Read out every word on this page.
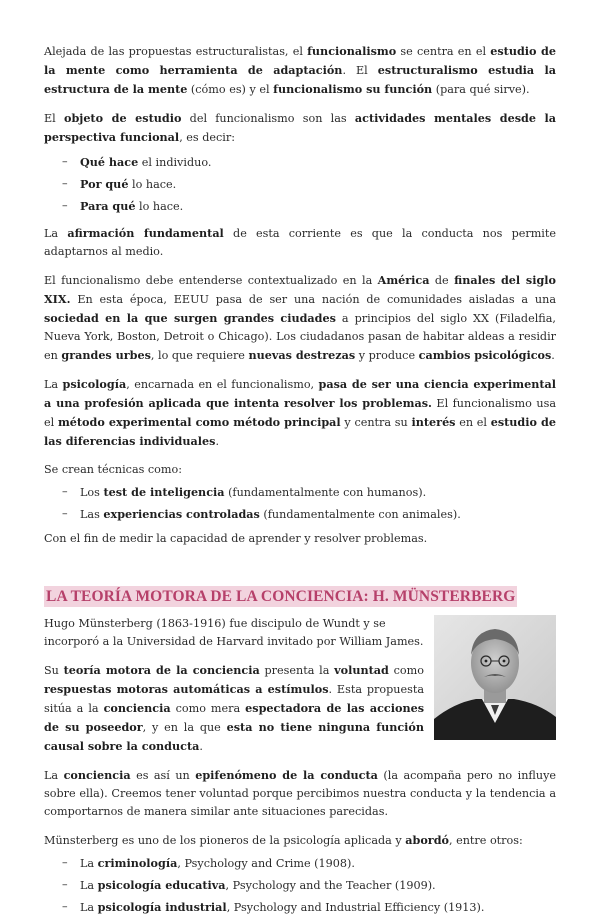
Alejada de las propuestas estructuralistas, el funcionalismo se centra en el estudio de la mente como herramienta de adaptación. El estructuralismo estudia la estructura de la mente (cómo es) y el funcionalismo su función (para qué sirve).

El objeto de estudio del funcionalismo son las actividades mentales desde la perspectiva funcional, es decir:

– Qué hace el individuo.
– Por qué lo hace.
– Para qué lo hace.

La afirmación fundamental de esta corriente es que la conducta nos permite adaptarnos al medio.

El funcionalismo debe entenderse contextualizado en la América de finales del siglo XIX. En esta época, EEUU pasa de ser una nación de comunidades aisladas a una sociedad en la que surgen grandes ciudades a principios del siglo XX (Filadelfia, Nueva York, Boston, Detroit o Chicago). Los ciudadanos pasan de habitar aldeas a residir en grandes urbes, lo que requiere nuevas destrezas y produce cambios psicológicos.

La psicología, encarnada en el funcionalismo, pasa de ser una ciencia experimental a una profesión aplicada que intenta resolver los problemas. El funcionalismo usa el método experimental como método principal y centra su interés en el estudio de las diferencias individuales.

Se crean técnicas como:

– Los test de inteligencia (fundamentalmente con humanos).
– Las experiencias controladas (fundamentalmente con animales).

Con el fin de medir la capacidad de aprender y resolver problemas.

LA TEORÍA MOTORA DE LA CONCIENCIA: H. MÜNSTERBERG

Hugo Münsterberg (1863-1916) fue discipulo de Wundt y se incorporó a la Universidad de Harvard invitado por William James.

Su teoría motora de la conciencia presenta la voluntad como respuestas motoras automáticas a estímulos. Esta propuesta sitúa a la conciencia como mera espectadora de las acciones de su poseedor, y en la que esta no tiene ninguna función causal sobre la conducta.

La conciencia es así un epifenómeno de la conducta (la acompaña pero no influye sobre ella). Creemos tener voluntad porque percibimos nuestra conducta y la tendencia a comportarnos de manera similar ante situaciones parecidas.

Münsterberg es uno de los pioneros de la psicología aplicada y abordó, entre otros:

– La criminología, Psychology and Crime (1908).
– La psicología educativa, Psychology and the Teacher (1909).
– La psicología industrial, Psychology and Industrial Efficiency (1913).
